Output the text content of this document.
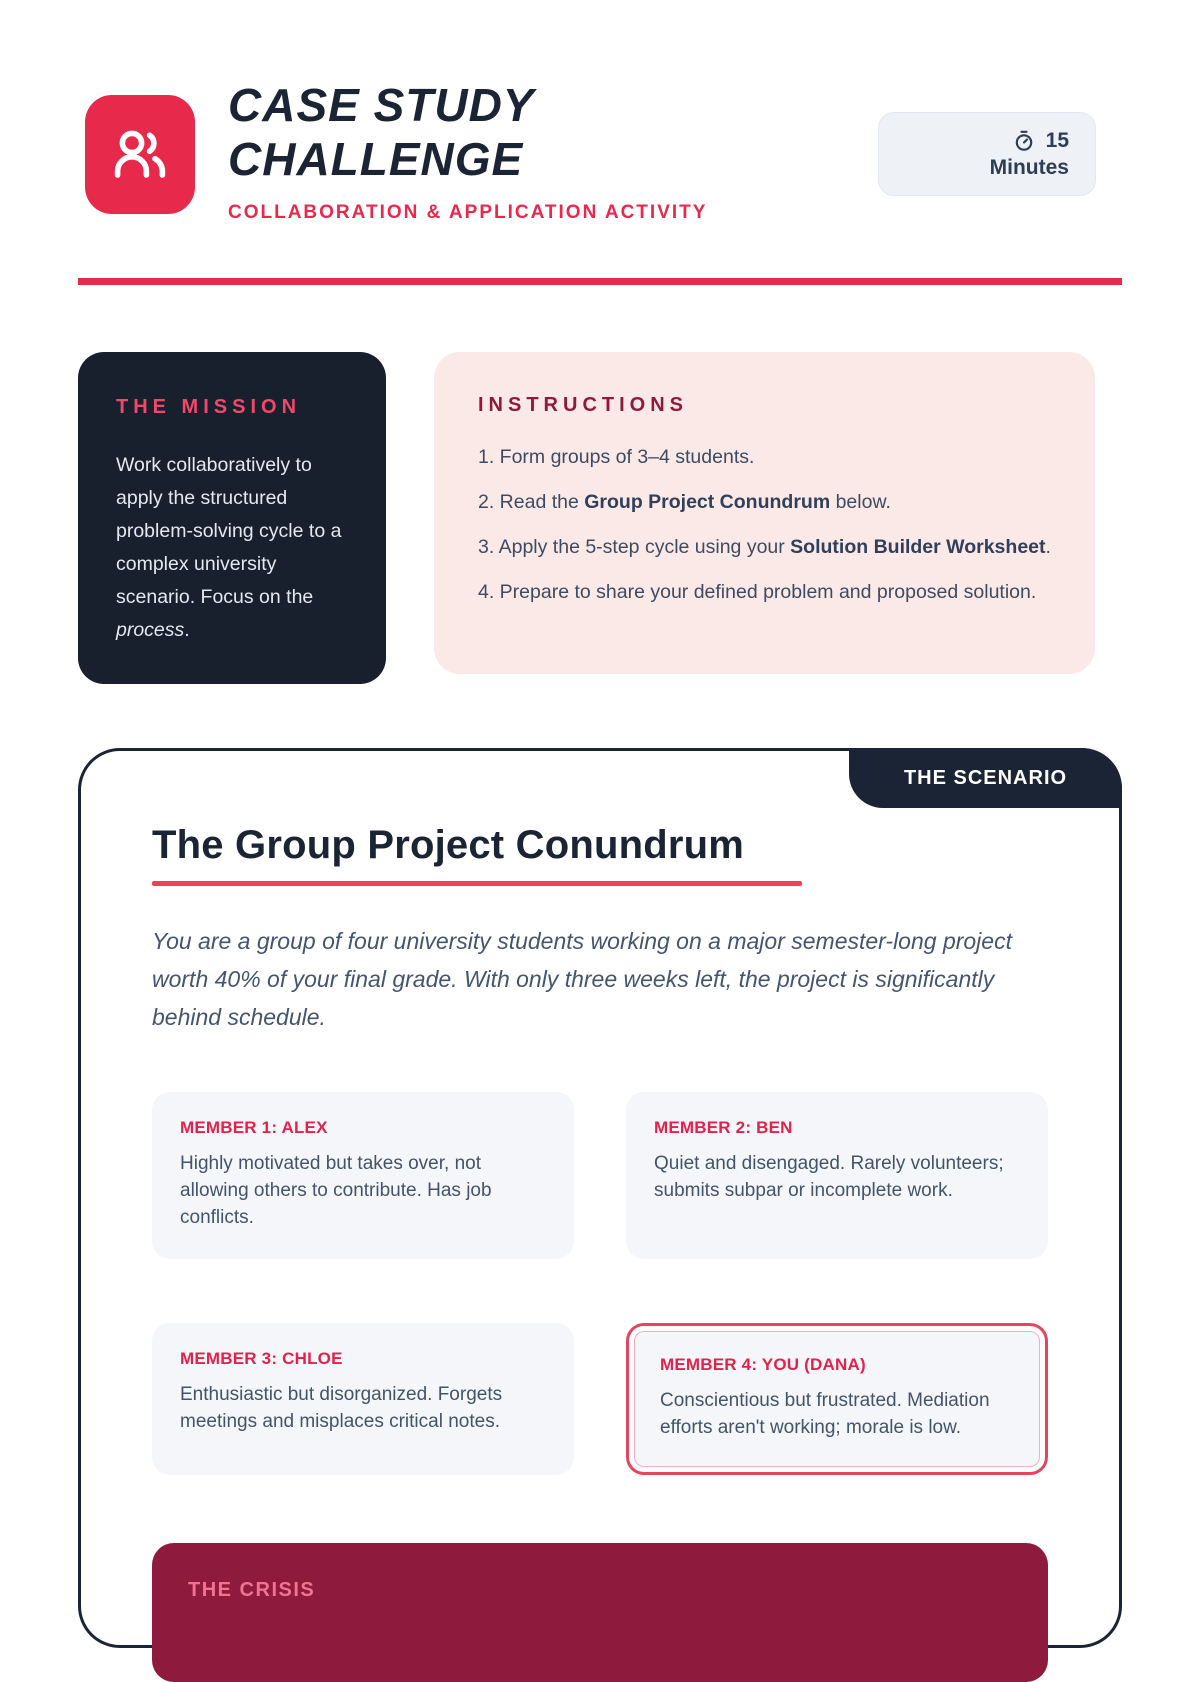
CASE STUDY
CHALLENGE
COLLABORATION & APPLICATION ACTIVITY
15
Minutes
THE MISSION

Work collaboratively to apply the structured problem-solving cycle to a complex university scenario. Focus on the process.

INSTRUCTIONS
1. Form groups of 3–4 students.
2. Read the Group Project Conundrum below.
3. Apply the 5-step cycle using your Solution Builder Worksheet.
4. Prepare to share your defined problem and proposed solution.
THE SCENARIO
The Group Project Conundrum

You are a group of four university students working on a major semester-long project worth 40% of your final grade. With only three weeks left, the project is significantly behind schedule.

MEMBER 1: ALEX

Highly motivated but takes over, not allowing others to contribute. Has job conflicts.

MEMBER 2: BEN

Quiet and disengaged. Rarely volunteers; submits subpar or incomplete work.

MEMBER 3: CHLOE

Enthusiastic but disorganized. Forgets meetings and misplaces critical notes.

MEMBER 4: YOU (DANA)

Conscientious but frustrated. Mediation efforts aren't working; morale is low.

THE CRISIS
